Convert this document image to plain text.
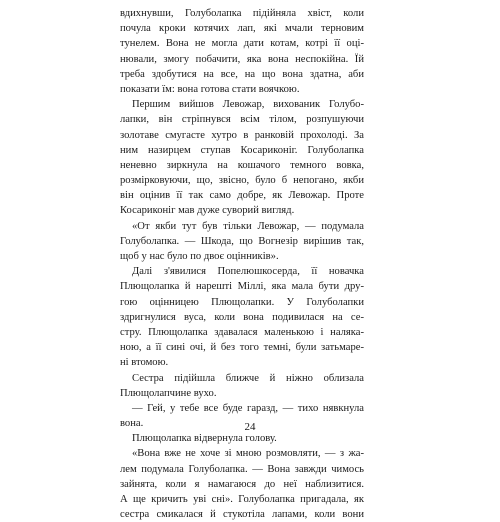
вдихнувши, Голуболапка підійняла хвіст, коли
почула кроки котячих лап, які мчали терновим
тунелем. Вона не могла дати котам, котрі її оці-
нювали, змогу побачити, яка вона неспокійна. Їй
треба здобутися на все, на що вона здатна, аби
показати їм: вона готова стати воячкою.
Першим вийшов Левожар, вихованик Голубо-
лапки, він стріпнувся всім тілом, розпушуючи
золотаве смугасте хутро в ранковій прохолоді. За
ним назирцем ступав Косариконіг. Голуболапка
неневно зиркнула на кошачого темного вовка,
розмірковуючи, що, звісно, було б непогано, якби
він оцінив її так само добре, як Левожар. Проте
Косариконіг мав дуже суворий вигляд.
«От якби тут був тільки Левожар, — подумала
Голуболапка. — Шкода, що Вогнезір вирішив так,
щоб у нас було по двоє оцінників».
Далі з'явилися Попелюшкосерда, її новачка
Плющолапка й нарешті Міллі, яка мала бути дру-
гою оцінницею Плющолапки. У Голуболапки
здригнулися вуса, коли вона подивилася на се-
стру. Плющолапка здавалася маленькою і наляка-
ною, а її сині очі, й без того темні, були затьмаре-
ні втомою.
Сестра підійшла ближче й ніжно облизала
Плющолапчине вухо.
— Гей, у тебе все буде гаразд, — тихо нявкнула
вона.
Плющолапка відвернула голову.
«Вона вже не хоче зі мною розмовляти, — з жа-
лем подумала Голуболапка. — Вона завжди чимось
зайнята, коли я намагаюся до неї наблизитися.
А ще кричить уві сні». Голуболапка пригадала, як
сестра смикалася й стукотіла лапами, коли вони
24
